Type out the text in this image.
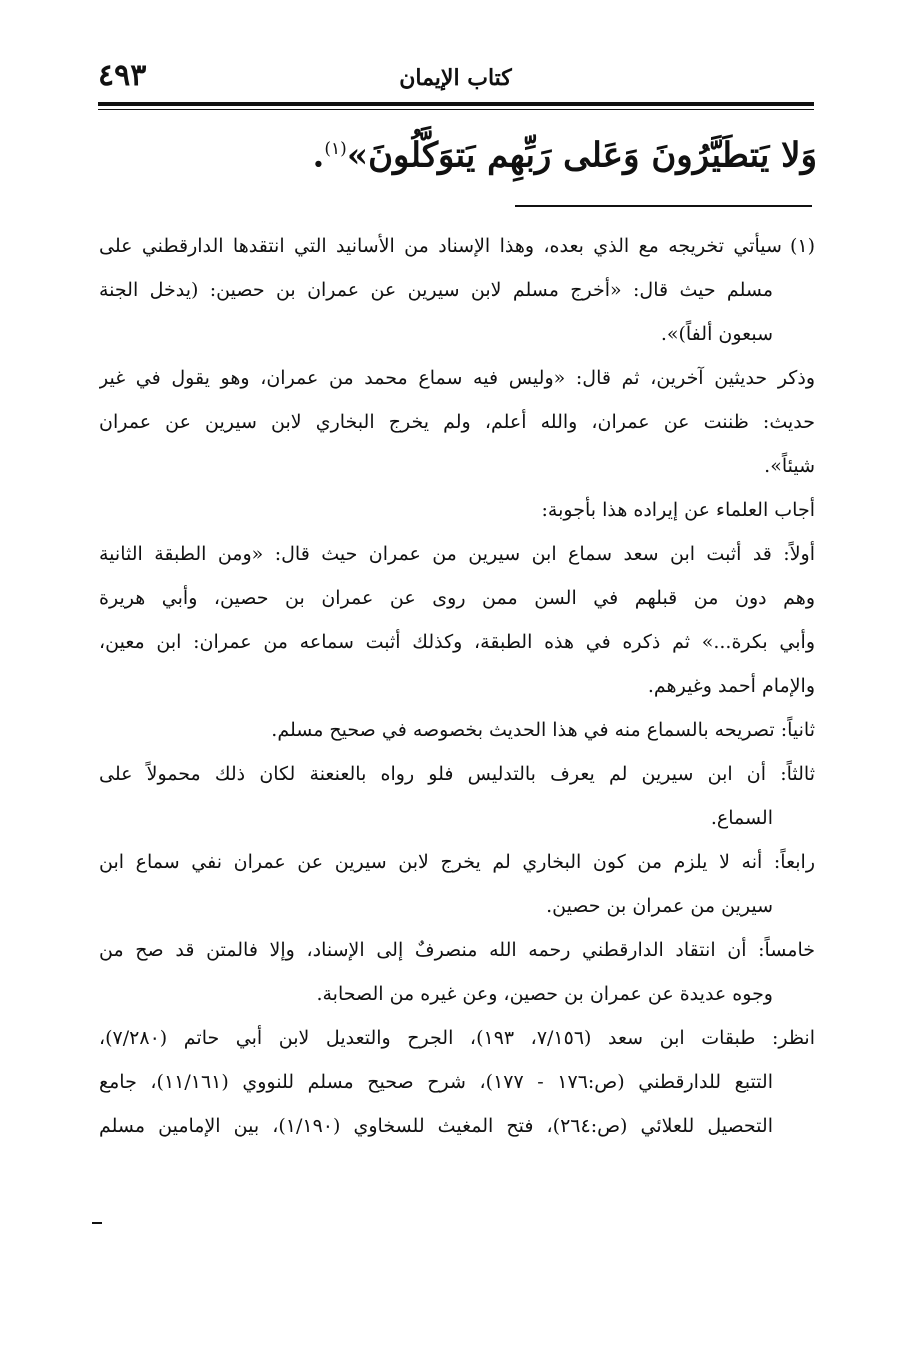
٤٩٣	كتاب الإيمان
وَلا يَتطَيَّرُونَ وَعَلى رَبِّهِم يَتوَكَّلُونَ»$^{(١)}$.
(١)سيأتي تخريجه مع الذي بعده، وهذا الإسناد من الأسانيد التي انتقدها الدارقطني على
مسلم حيث قال: «أخرج مسلم لابن سيرين عن عمران بن حصين: (يدخل الجنة
سبعون ألفاً)».
وذكر حديثين آخرين، ثم قال: «وليس فيه سماع محمد من عمران، وهو يقول في غير
حديث: ظننت عن عمران، والله أعلم، ولم يخرج البخاري لابن سيرين عن عمران
شيئاً».
أجاب العلماء عن إيراده هذا بأجوبة:
أولاً: قد أثبت ابن سعد سماع ابن سيرين من عمران حيث قال: «ومن الطبقة الثانية
وهم دون من قبلهم في السن ممن روى عن عمران بن حصين، وأبي هريرة
وأبي بكرة...» ثم ذكره في هذه الطبقة، وكذلك أثبت سماعه من عمران: ابن معين،
والإمام أحمد وغيرهم.
ثانياً: تصريحه بالسماع منه في هذا الحديث بخصوصه في صحيح مسلم.
ثالثاً: أن ابن سيرين لم يعرف بالتدليس فلو رواه بالعنعنة لكان ذلك محمولاً على
السماع.
رابعاً: أنه لا يلزم من كون البخاري لم يخرج لابن سيرين عن عمران نفي سماع ابن
سيرين من عمران بن حصين.
خامساً: أن انتقاد الدارقطني رحمه الله منصرفٌ إلى الإسناد، وإلا فالمتن قد صح من
وجوه عديدة عن عمران بن حصين، وعن غيره من الصحابة.
انظر: طبقات ابن سعد (٧/١٥٦، ١٩٣)، الجرح والتعديل لابن أبي حاتم (٧/٢٨٠)،
التتبع للدارقطني (ص:١٧٦ - ١٧٧)، شرح صحيح مسلم للنووي (١١/١٦١)، جامع
التحصيل للعلائي (ص:٢٦٤)، فتح المغيث للسخاوي (١/١٩٠)، بين الإمامين مسلم
